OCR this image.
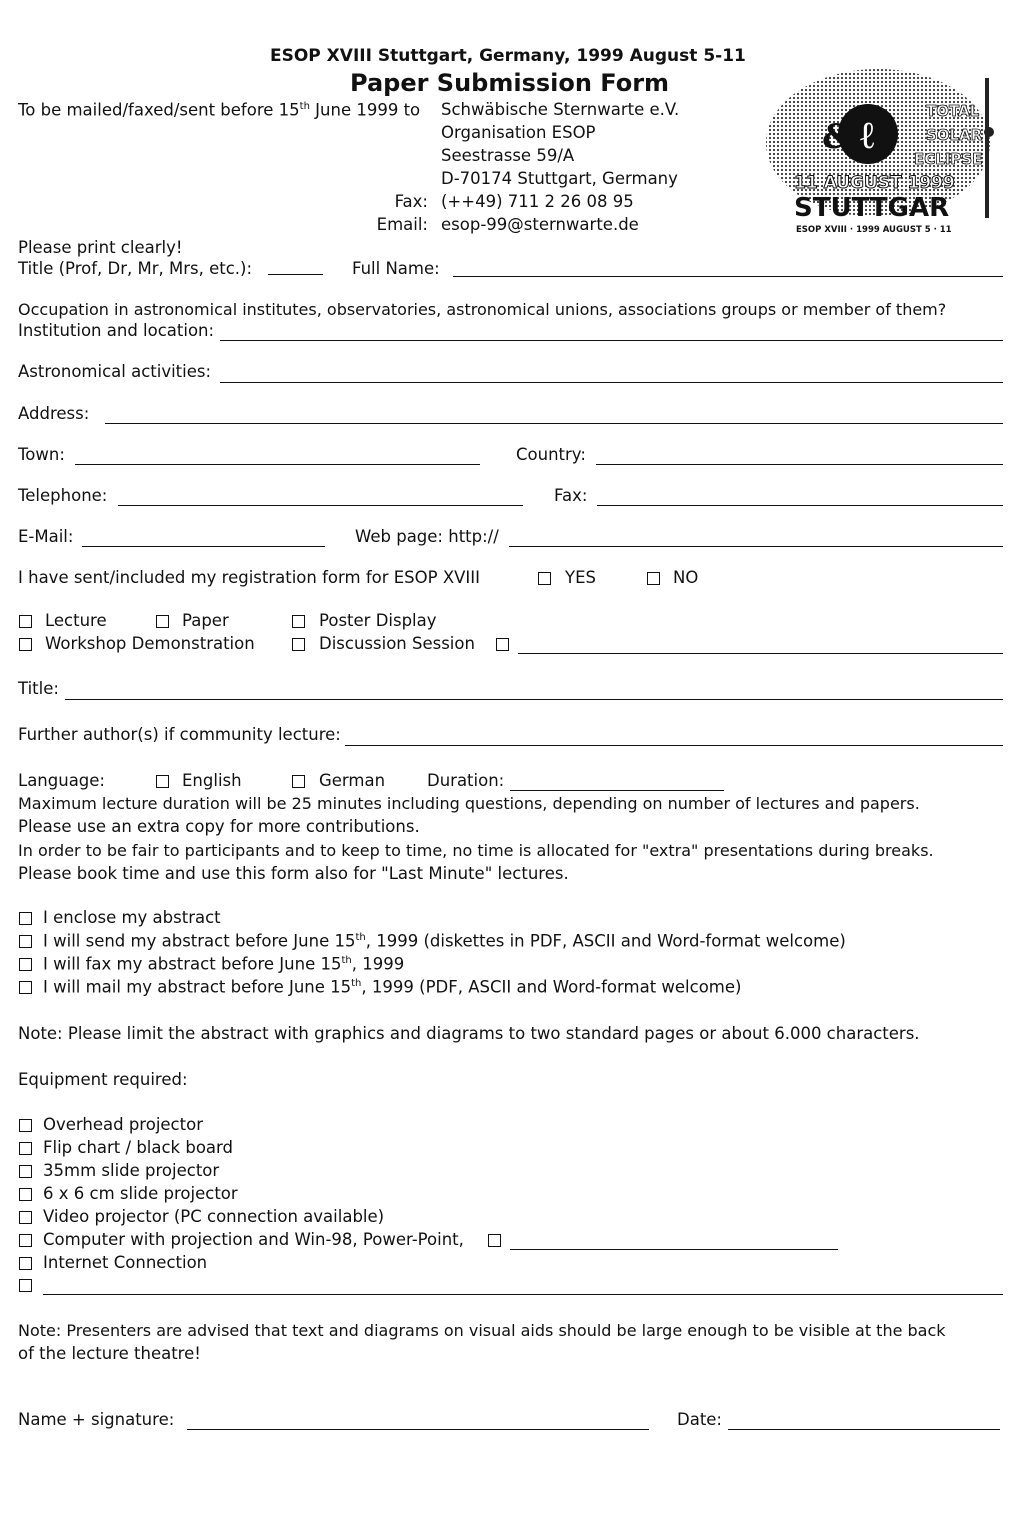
ESOP XVIII Stuttgart, Germany, 1999 August 5-11
Paper Submission Form
To be mailed/faxed/sent before 15th June 1999 to Schwäbische Sternwarte e.V.
Organisation ESOP
Seestrasse 59/A
D-70174 Stuttgart, Germany
Fax: (++49) 711 2 26 08 95
Email: esop-99@sternwarte.de
ℓ
&
TOTAL
SOLAR
ECLIPSE
11 AUGUST 1999
STUTTGAR
ESOP XVIII · 1999 AUGUST 5 · 11
Please print clearly!
Title (Prof, Dr, Mr, Mrs, etc.):	Full Name:
Occupation in astronomical institutes, observatories, astronomical unions, associations groups or member of them?
Institution and location:
Astronomical activities:
Address:
Town:	Country:
Telephone:	Fax:
E-Mail:	Web page: http://
I have sent/included my registration form for ESOP XVIII	YES	NO
Lecture	Paper	Poster Display
Workshop Demonstration	Discussion Session
Title:
Further author(s) if community lecture:
Language:	English	German	Duration:
Maximum lecture duration will be 25 minutes including questions, depending on number of lectures and papers.
Please use an extra copy for more contributions.
In order to be fair to participants and to keep to time, no time is allocated for "extra" presentations during breaks.
Please book time and use this form also for "Last Minute" lectures.
I enclose my abstract
I will send my abstract before June 15th, 1999 (diskettes in PDF, ASCII and Word-format welcome)
I will fax my abstract before June 15th, 1999
I will mail my abstract before June 15th, 1999 (PDF, ASCII and Word-format welcome)
Note: Please limit the abstract with graphics and diagrams to two standard pages or about 6.000 characters.
Equipment required:
Overhead projector
Flip chart / black board
35mm slide projector
6 x 6 cm slide projector
Video projector (PC connection available)
Computer with projection and Win-98, Power-Point,
Internet Connection
Note: Presenters are advised that text and diagrams on visual aids should be large enough to be visible at the back
of the lecture theatre!
Name + signature:	Date:
